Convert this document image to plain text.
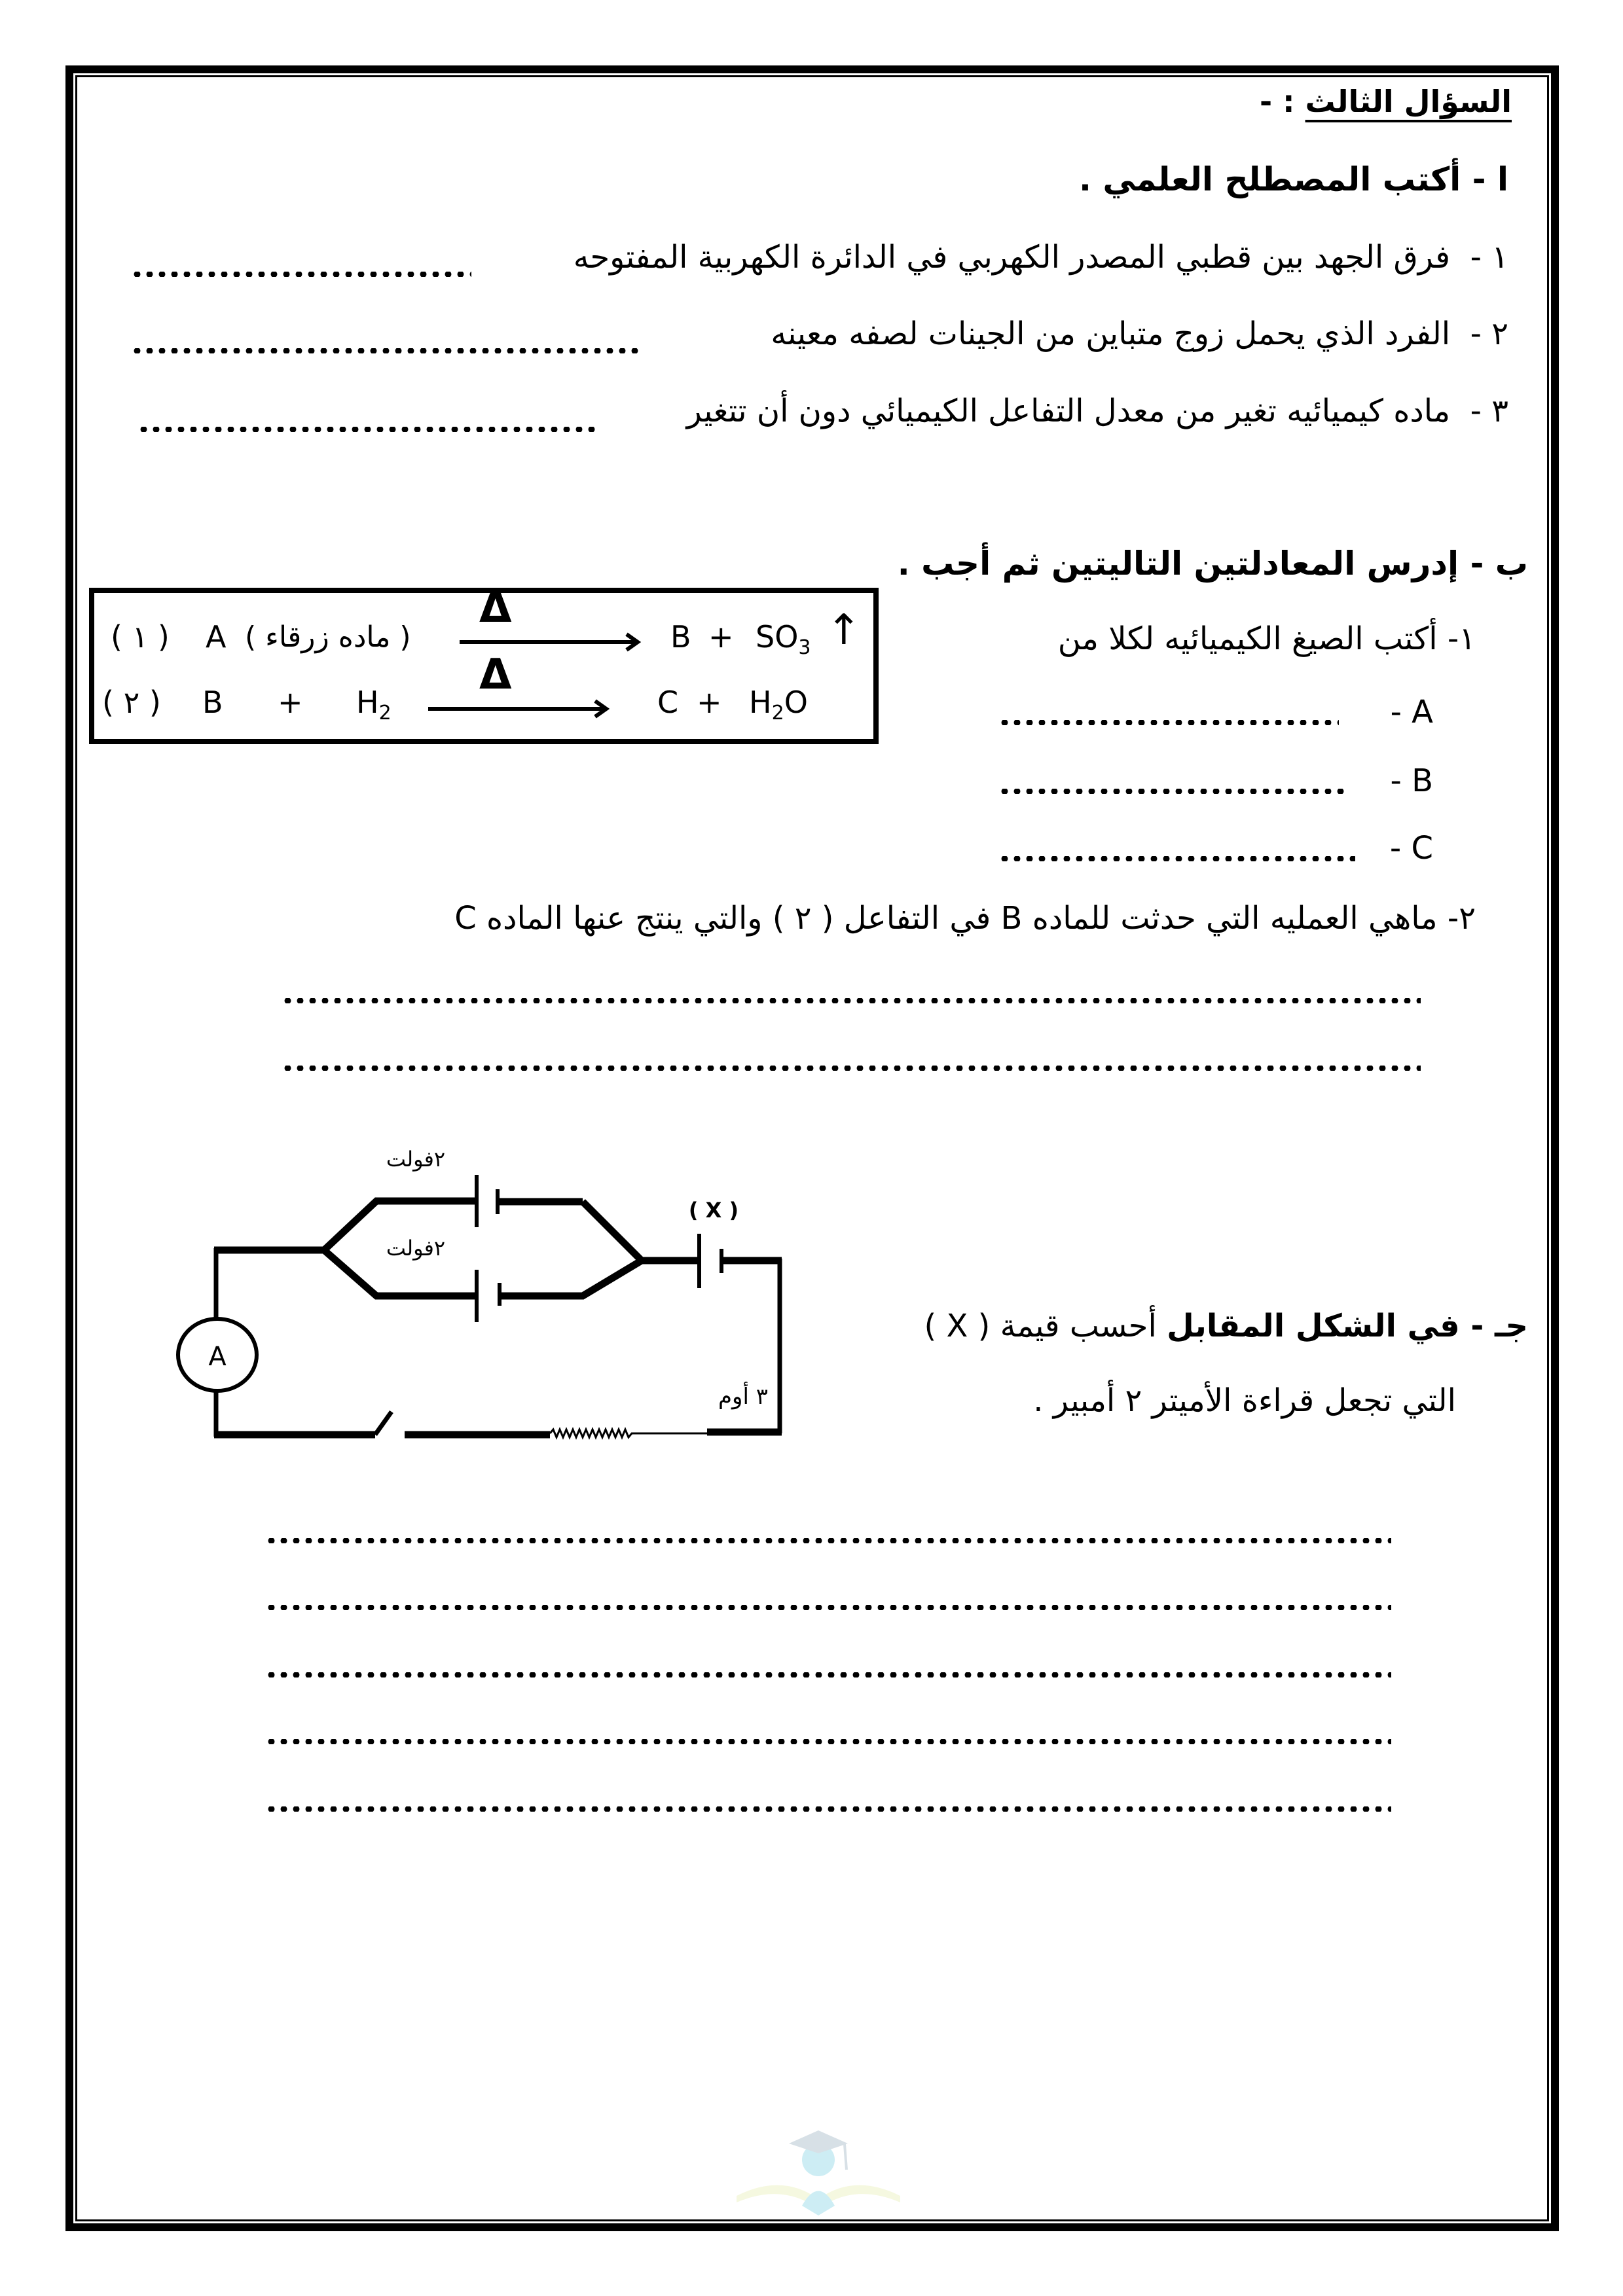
السؤال الثالث : -
ا - أكتب المصطلح العلمي .
١ -  فرق الجهد بين قطبي المصدر الكهربي في الدائرة الكهربية المفتوحه
٢ -  الفرد الذي يحمل زوج متباين من الجينات لصفه معينه
٣ -  ماده كيميائيه تغير من معدل التفاعل الكيميائي دون أن تتغير
ب - إدرس المعادلتين التاليتين ثم أجب .
( ١ ) A ( ماده زرقاء )
Δ
$B + SO_3$ ↑
( ٢ ) $B + H_2$
Δ
$C + H_2O$
١- أكتب الصيغ الكيميائيه لكلا من
A -
B -
C -
٢- ماهي العمليه التي حدثت للماده B في التفاعل ( ٢ ) والتي ينتج عنها الماده C
A
٢فولت
٢فولت
( X )
٣ أوم
جـ - في الشكل المقابل أحسب قيمة ( X )
التي تجعل قراءة الأميتر ٢ أمبير .
